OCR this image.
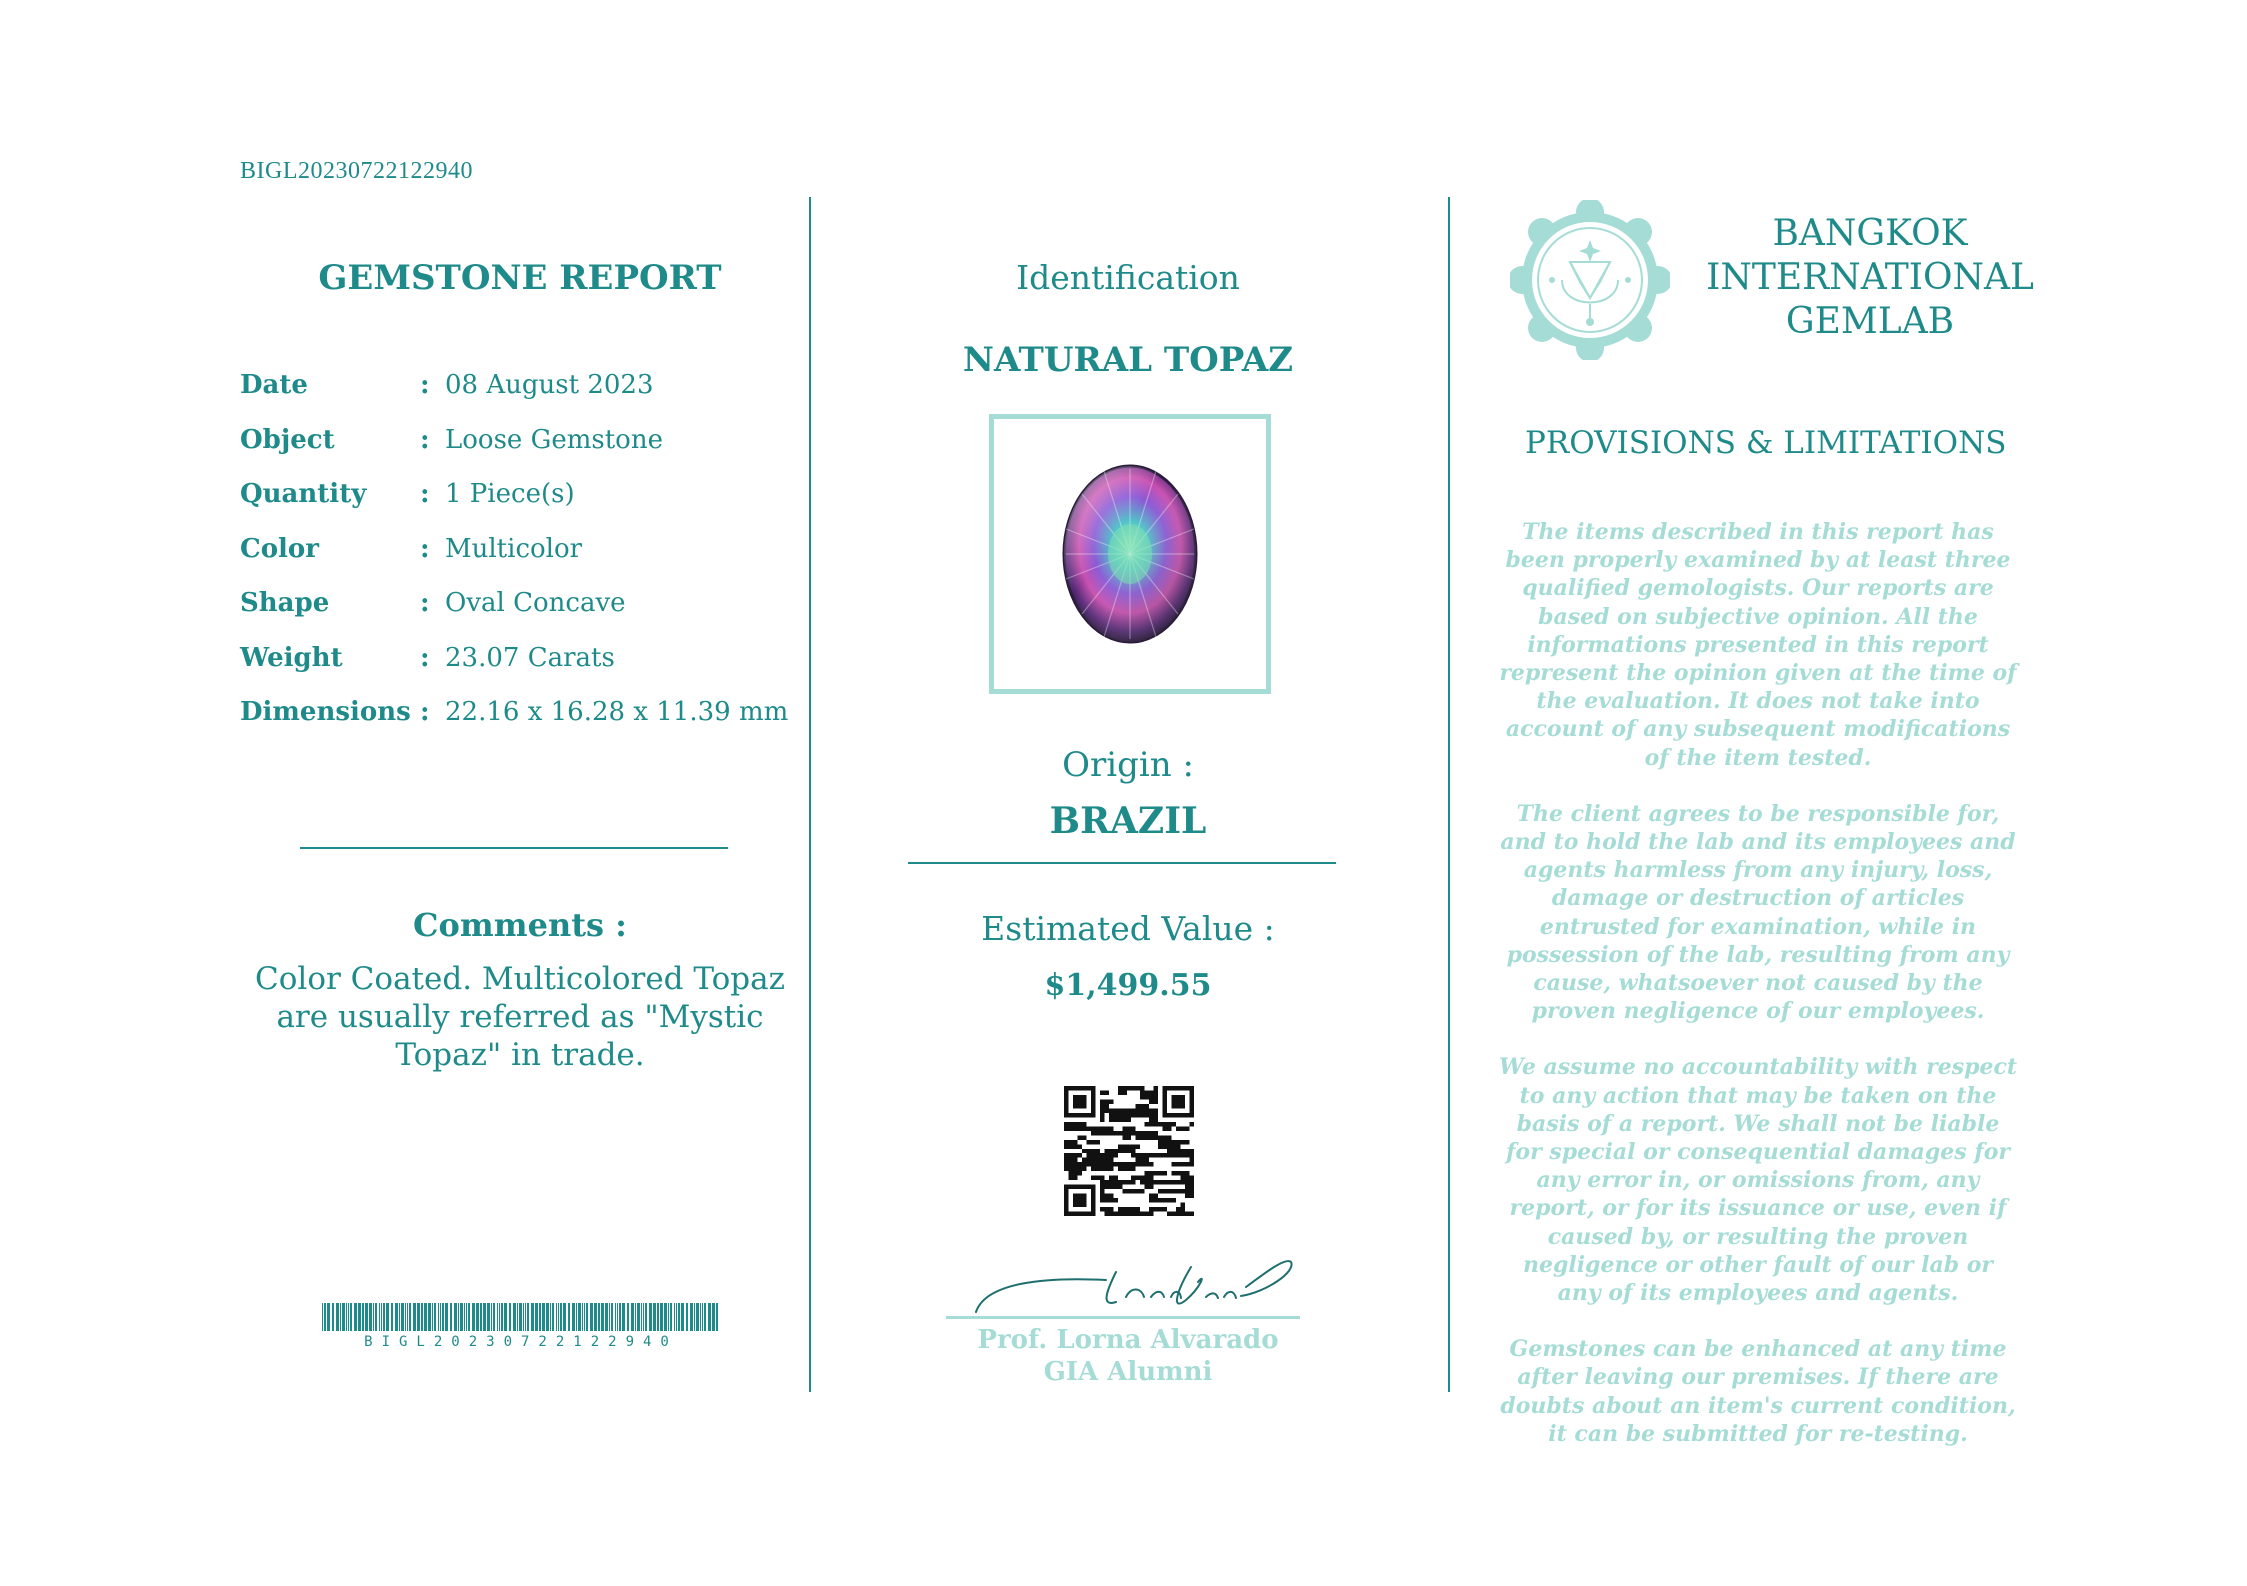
BIGL20230722122940
GEMSTONE REPORT
Date	: 08 August 2023
Object	: Loose Gemstone
Quantity : 1 Piece(s)
Color	: Multicolor
Shape	: Oval Concave
Weight	: 23.07 Carats
Dimensions : 22.16 x 16.28 x 11.39 mm
Comments :
Color Coated. Multicolored Topaz are usually referred as "Mystic Topaz" in trade.
BIGL20230722122940
Identification
NATURAL TOPAZ
Origin :
BRAZIL
Estimated Value :
$1,499.55
Prof. Lorna Alvarado
GIA Alumni
BANGKOK
INTERNATIONAL
GEMLAB
PROVISIONS & LIMITATIONS

The items described in this report has been properly examined by at least three qualified gemologists. Our reports are based on subjective opinion. All the informations presented in this report represent the opinion given at the time of the evaluation. It does not take into account of any subsequent modifications of the item tested.

The client agrees to be responsible for, and to hold the lab and its employees and agents harmless from any injury, loss, damage or destruction of articles entrusted for examination, while in possession of the lab, resulting from any cause, whatsoever not caused by the proven negligence of our employees.

We assume no accountability with respect to any action that may be taken on the basis of a report. We shall not be liable for special or consequential damages for any error in, or omissions from, any report, or for its issuance or use, even if caused by, or resulting the proven negligence or other fault of our lab or any of its employees and agents.

Gemstones can be enhanced at any time after leaving our premises. If there are doubts about an item's current condition, it can be submitted for re-testing.
